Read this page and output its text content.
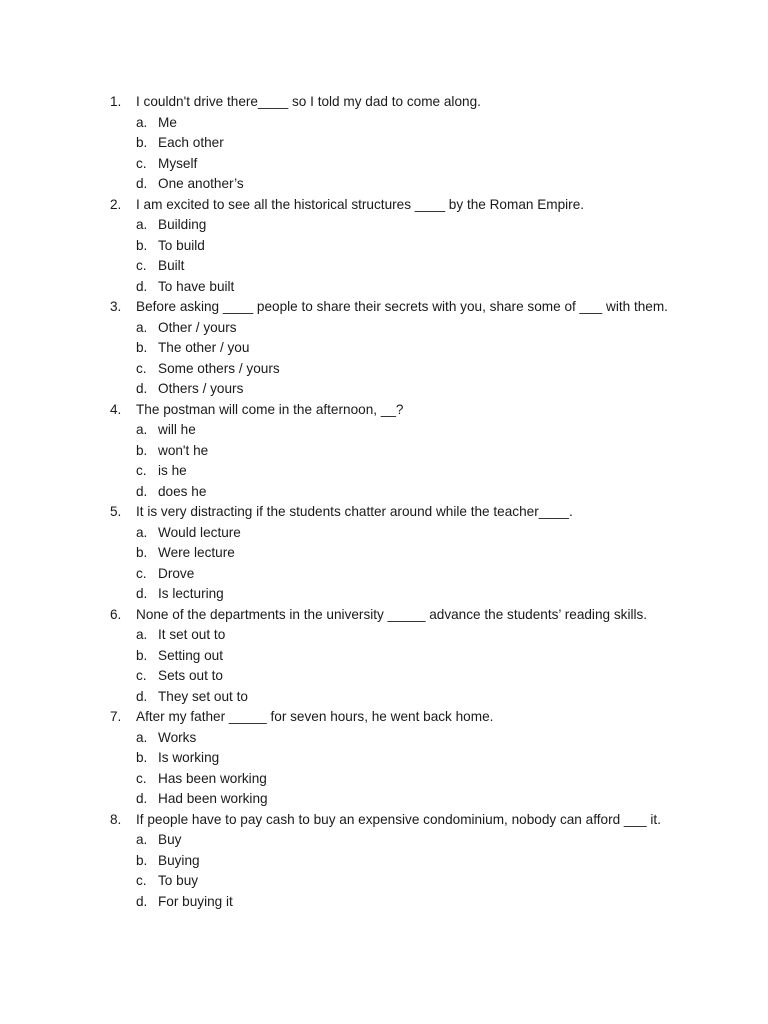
1.	I couldn't drive there____ so I told my dad to come along.
a. Me
b. Each other
c. Myself
d. One another’s
2.	I am excited to see all the historical structures ____ by the Roman Empire.
a. Building
b. To build
c. Built
d. To have built
3.	Before asking ____ people to share their secrets with you, share some of ___ with them.
a. Other / yours
b. The other / you
c. Some others / yours
d. Others / yours
4.	The postman will come in the afternoon, __?
a. will he
b. won't he
c. is he
d. does he
5.	It is very distracting if the students chatter around while the teacher____.
a. Would lecture
b. Were lecture
c. Drove
d. Is lecturing
6.	None of the departments in the university _____ advance the students’ reading skills.
a. It set out to
b. Setting out
c. Sets out to
d. They set out to
7.	After my father _____ for seven hours, he went back home.
a. Works
b. Is working
c. Has been working
d. Had been working
8.	If people have to pay cash to buy an expensive condominium, nobody can afford ___ it.
a. Buy
b. Buying
c. To buy
d. For buying it
